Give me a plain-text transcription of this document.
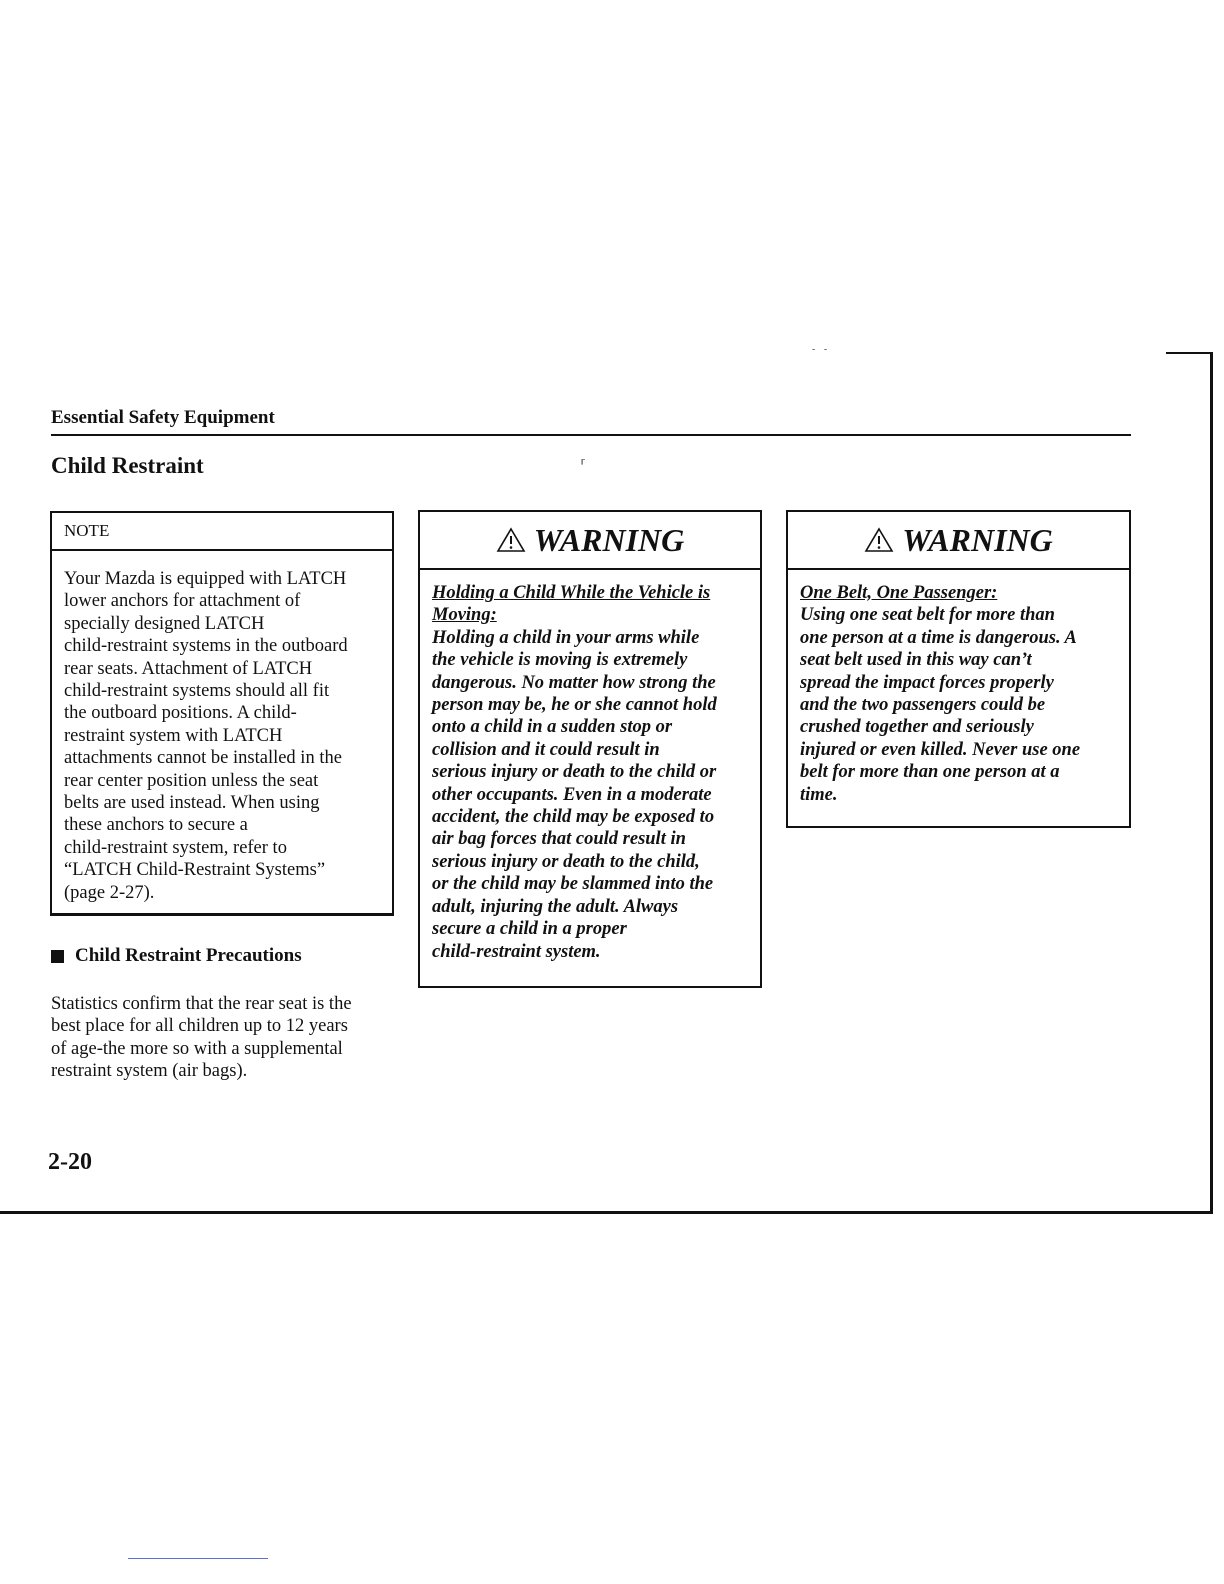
- -
⸢
Essential Safety Equipment
Child Restraint
NOTE
Your Mazda is equipped with LATCH
lower anchors for attachment of
specially designed LATCH
child-restraint systems in the outboard
rear seats. Attachment of LATCH
child-restraint systems should all fit
the outboard positions. A child-
restraint system with LATCH
attachments cannot be installed in the
rear center position unless the seat
belts are used instead. When using
these anchors to secure a
child-restraint system, refer to
“LATCH Child-Restraint Systems”
(page 2-27).
Child Restraint Precautions
Statistics confirm that the rear seat is the
best place for all children up to 12 years
of age-the more so with a supplemental
restraint system (air bags).
WARNING
Holding a Child While the Vehicle is
Moving:
Holding a child in your arms while
the vehicle is moving is extremely
dangerous. No matter how strong the
person may be, he or she cannot hold
onto a child in a sudden stop or
collision and it could result in
serious injury or death to the child or
other occupants. Even in a moderate
accident, the child may be exposed to
air bag forces that could result in
serious injury or death to the child,
or the child may be slammed into the
adult, injuring the adult. Always
secure a child in a proper
child-restraint system.
WARNING
One Belt, One Passenger:
Using one seat belt for more than
one person at a time is dangerous. A
seat belt used in this way can’t
spread the impact forces properly
and the two passengers could be
crushed together and seriously
injured or even killed. Never use one
belt for more than one person at a
time.
2-20
